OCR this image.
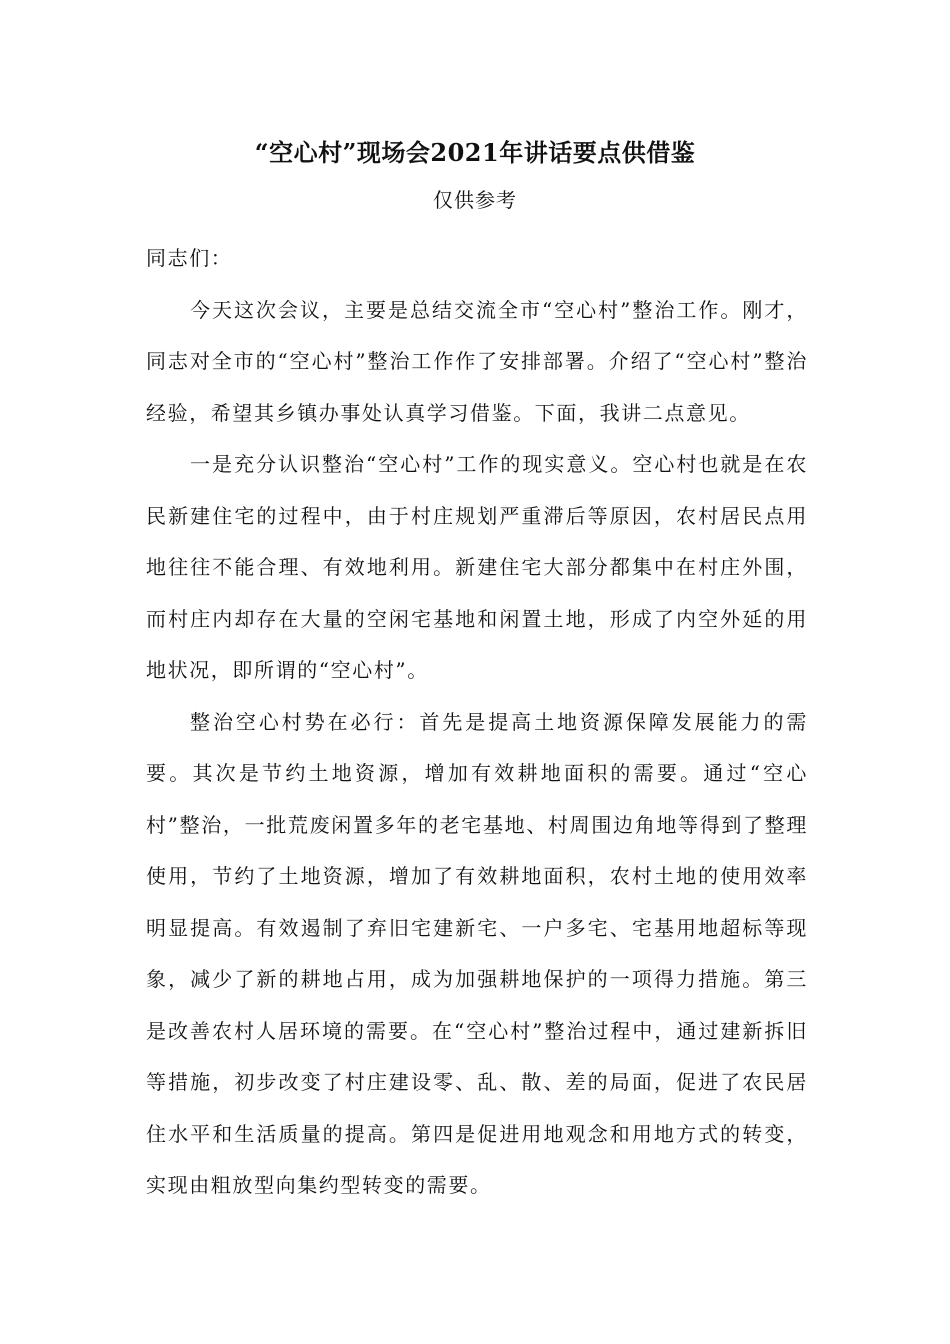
“空心村”现场会2021年讲话要点供借鉴
仅供参考

同志们：

今天这次会议，主要是总结交流全市“空心村”整治工作。刚才，同志对全市的“空心村”整治工作作了安排部署。介绍了“空心村”整治经验，希望其乡镇办事处认真学习借鉴。下面，我讲二点意见。

一是充分认识整治“空心村”工作的现实意义。空心村也就是在农民新建住宅的过程中，由于村庄规划严重滞后等原因，农村居民点用地往往不能合理、有效地利用。新建住宅大部分都集中在村庄外围，而村庄内却存在大量的空闲宅基地和闲置土地，形成了内空外延的用地状况，即所谓的“空心村”。

整治空心村势在必行：首先是提高土地资源保障发展能力的需要。其次是节约土地资源，增加有效耕地面积的需要。通过“空心村”整治，一批荒废闲置多年的老宅基地、村周围边角地等得到了整理使用，节约了土地资源，增加了有效耕地面积，农村土地的使用效率明显提高。有效遏制了弃旧宅建新宅、一户多宅、宅基用地超标等现象，减少了新的耕地占用，成为加强耕地保护的一项得力措施。第三是改善农村人居环境的需要。在“空心村”整治过程中，通过建新拆旧等措施，初步改变了村庄建设零、乱、散、差的局面，促进了农民居住水平和生活质量的提高。第四是促进用地观念和用地方式的转变，实现由粗放型向集约型转变的需要。
